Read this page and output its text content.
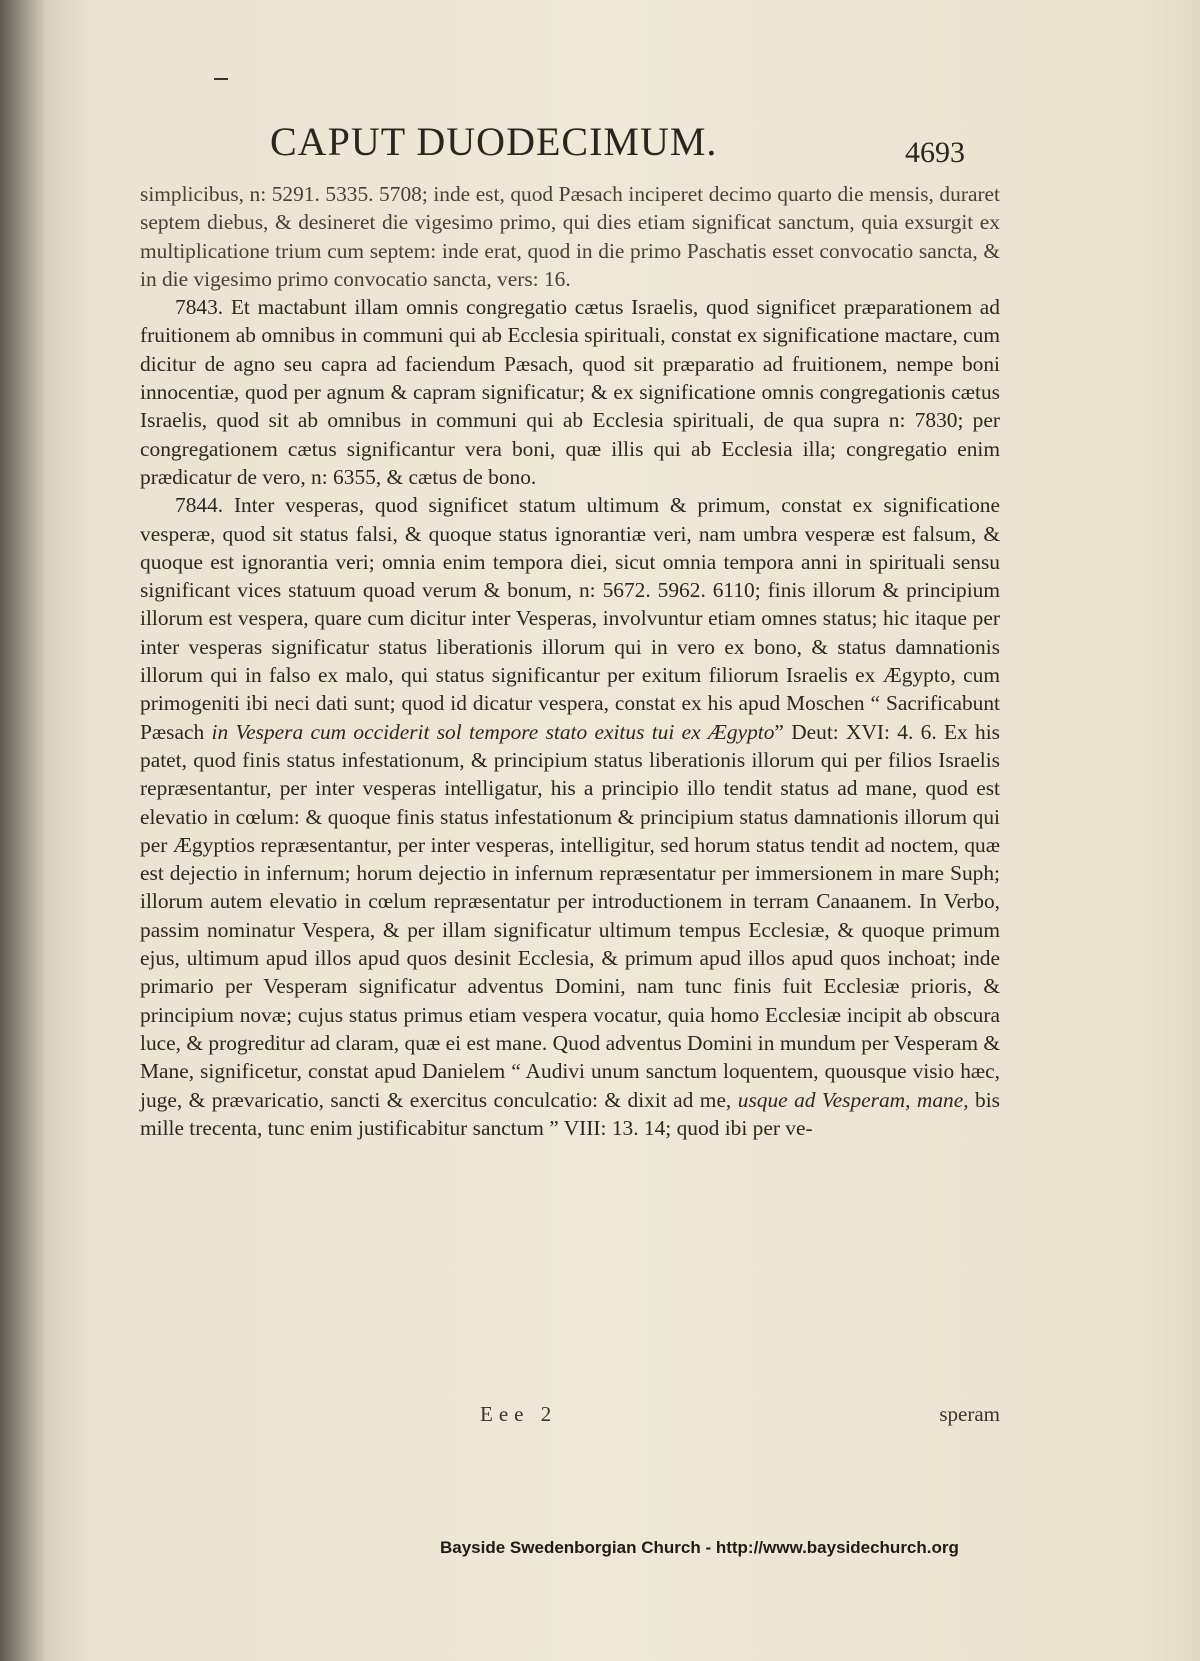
CAPUT DUODECIMUM.	4693

simplicibus, n: 5291. 5335. 5708; inde est, quod Pæsach inciperet decimo quarto die mensis, duraret septem diebus, & desineret die vigesimo primo, qui dies etiam significat sanctum, quia exsurgit ex multiplicatione trium cum septem: inde erat, quod in die primo Paschatis esset convocatio sancta, & in die vigesimo primo convocatio sancta, vers: 16.

7843. Et mactabunt illam omnis congregatio cætus Israelis, quod significet præparationem ad fruitionem ab omnibus in communi qui ab Ecclesia spirituali, constat ex significatione mactare, cum dicitur de agno seu capra ad faciendum Pæsach, quod sit præparatio ad fruitionem, nempe boni innocentiæ, quod per agnum & capram significatur; & ex significatione omnis congregationis cætus Israelis, quod sit ab omnibus in communi qui ab Ecclesia spirituali, de qua supra n: 7830; per congregationem cætus significantur vera boni, quæ illis qui ab Ecclesia illa; congregatio enim prædicatur de vero, n: 6355, & cætus de bono.

7844. Inter vesperas, quod significet statum ultimum & primum, constat ex significatione vesperæ, quod sit status falsi, & quoque status ignorantiæ veri, nam umbra vesperæ est falsum, & quoque est ignorantia veri; omnia enim tempora diei, sicut omnia tempora anni in spirituali sensu significant vices statuum quoad verum & bonum, n: 5672. 5962. 6110; finis illorum & principium illorum est vespera, quare cum dicitur inter Vesperas, involvuntur etiam omnes status; hic itaque per inter vesperas significatur status liberationis illorum qui in vero ex bono, & status damnationis illorum qui in falso ex malo, qui status significantur per exitum filiorum Israelis ex Ægypto, cum primogeniti ibi neci dati sunt; quod id dicatur vespera, constat ex his apud Moschen “ Sacrificabunt Pæsach in Vespera cum occiderit sol tempore stato exitus tui ex Ægypto” Deut: XVI: 4. 6. Ex his patet, quod finis status infestationum, & principium status liberationis illorum qui per filios Israelis repræsentantur, per inter vesperas intelligatur, his a principio illo tendit status ad mane, quod est elevatio in cœlum: & quoque finis status infestationum & principium status damnationis illorum qui per Ægyptios repræsentantur, per inter vesperas, intelligitur, sed horum status tendit ad noctem, quæ est dejectio in infernum; horum dejectio in infernum repræsentatur per immersionem in mare Suph; illorum autem elevatio in cœlum repræsentatur per introductionem in terram Canaanem. In Verbo, passim nominatur Vespera, & per illam significatur ultimum tempus Ecclesiæ, & quoque primum ejus, ultimum apud illos apud quos desinit Ecclesia, & primum apud illos apud quos inchoat; inde primario per Vesperam significatur adventus Domini, nam tunc finis fuit Ecclesiæ prioris, & principium novæ; cujus status primus etiam vespera vocatur, quia homo Ecclesiæ incipit ab obscura luce, & progreditur ad claram, quæ ei est mane. Quod adventus Domini in mundum per Vesperam & Mane, significetur, constat apud Danielem “ Audivi unum sanctum loquentem, quousque visio hæc, juge, & prævaricatio, sancti & exercitus conculcatio: & dixit ad me, usque ad Vesperam, mane, bis mille trecenta, tunc enim justificabitur sanctum ” VIII: 13. 14; quod ibi per ve-

Eee 2	speram
Bayside Swedenborgian Church - http://www.baysidechurch.org
